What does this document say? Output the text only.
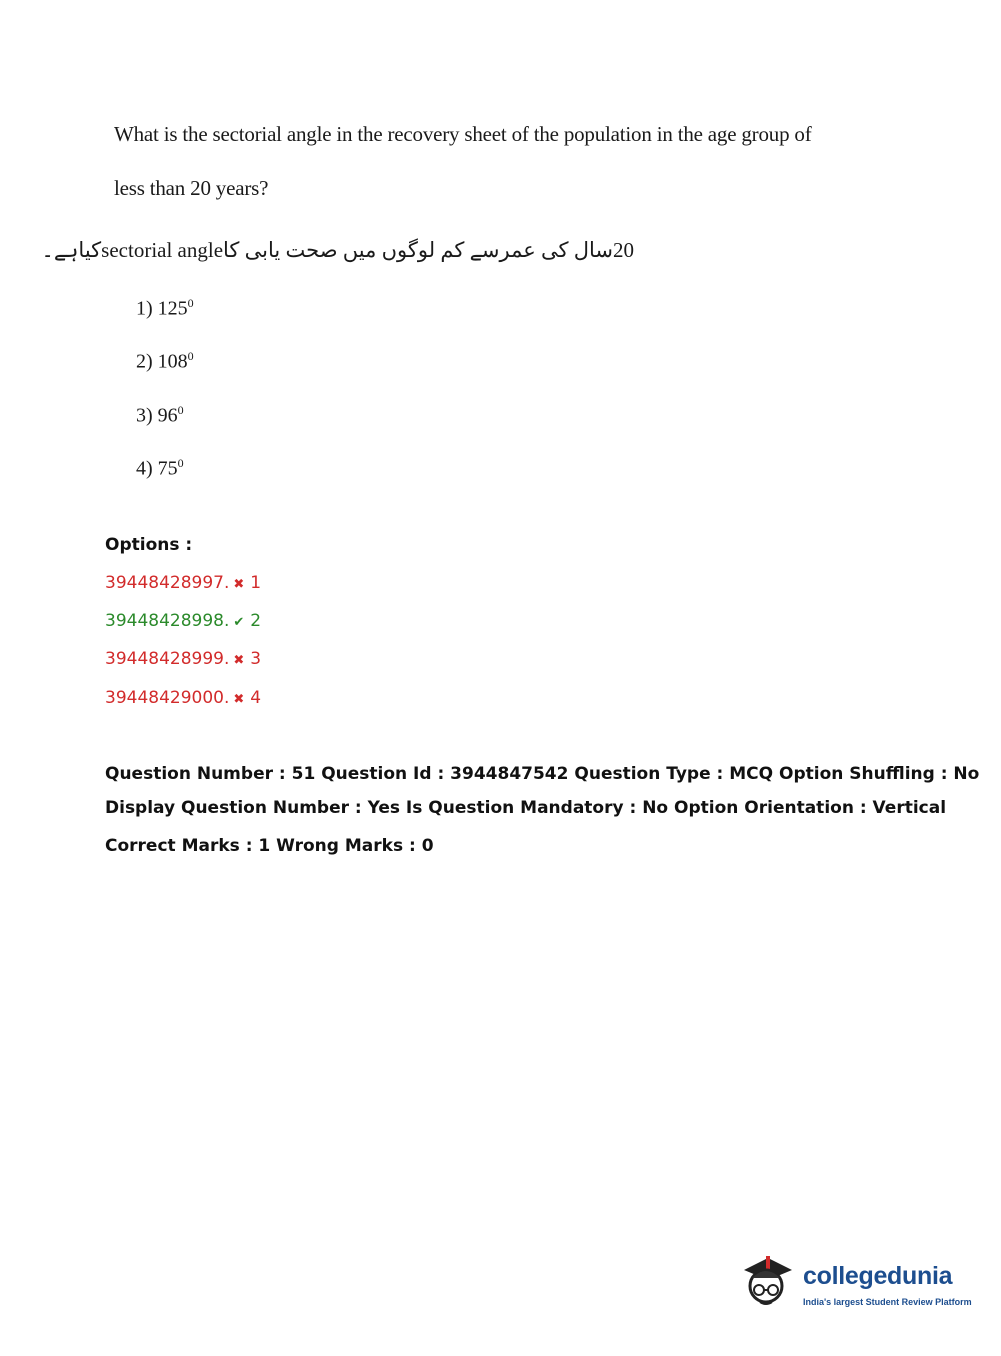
What is the sectorial angle in the recovery sheet of the population in the age group of
less than 20 years?
20سال کی عمرسے کم لوگوں میں صحت یابی کاsectorial angleکیاہے۔
1) $125^0$
2) $108^0$
3) $96^0$
4) $75^0$
Options :
39448428997. ✖ 1
39448428998. ✔ 2
39448428999. ✖ 3
39448429000. ✖ 4
Question Number : 51 Question Id : 3944847542 Question Type : MCQ Option Shuffling : No
Display Question Number : Yes Is Question Mandatory : No Option Orientation : Vertical
Correct Marks : 1 Wrong Marks : 0
collegedunia
India's largest Student Review Platform
